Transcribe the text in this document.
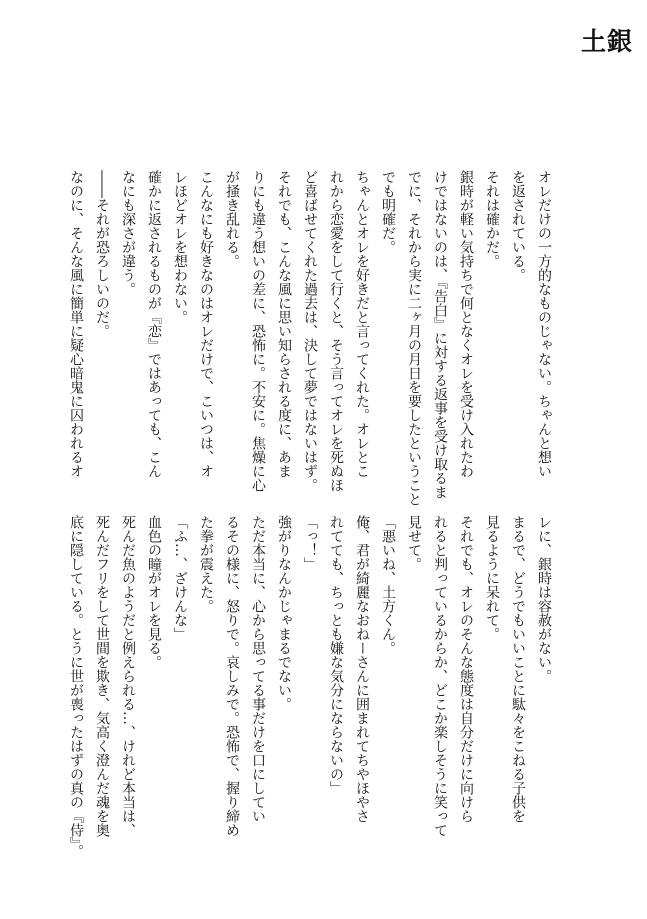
土銀
オレだけの一方的なものじゃない。ちゃんと想い
を返されている。
それは確かだ。
銀時が軽い気持ちで何となくオレを受け入れたわ
けではないのは、『告白』に対する返事を受け取るま
でに、それから実に二ヶ月の月日を要したということ
でも明確だ。
ちゃんとオレを好きだと言ってくれた。オレとこ
れから恋愛をして行くと、そう言ってオレを死ぬほ
ど喜ばせてくれた過去は、決して夢ではないはず。
それでも、こんな風に思い知らされる度に、あま
りにも違う想いの差に、恐怖に。不安に。焦燥に心
が掻き乱れる。
こんなにも好きなのはオレだけで、こいつは、オ
レほどオレを想わない。
確かに返されるものが『恋』ではあっても、こん
なにも深さが違う。
――それが恐ろしいのだ。
なのに、そんな風に簡単に疑心暗鬼に囚われるオ
レに、銀時は容赦がない。
まるで、どうでもいいことに駄々をこねる子供を
見るように呆れて。
それでも、オレのそんな態度は自分だけに向けら
れると判っているからか、どこか楽しそうに笑って
見せて。
「悪いね、土方くん。
俺、君が綺麗なおねーさんに囲まれてちやほやさ
れてても、ちっとも嫌な気分にならないの」
「っ！」
強がりなんかじゃまるでない。
ただ本当に、心から思ってる事だけを口にしてい
るその様に、怒りで。哀しみで。恐怖で、握り締め
た拳が震えた。
「ふ…、ざけんな」
血色の瞳がオレを見る。
死んだ魚のようだと例えられる…、けれど本当は、
死んだフリをして世間を欺き、気高く澄んだ魂を奥
底に隠している。とうに世が喪ったはずの真の『侍』。
